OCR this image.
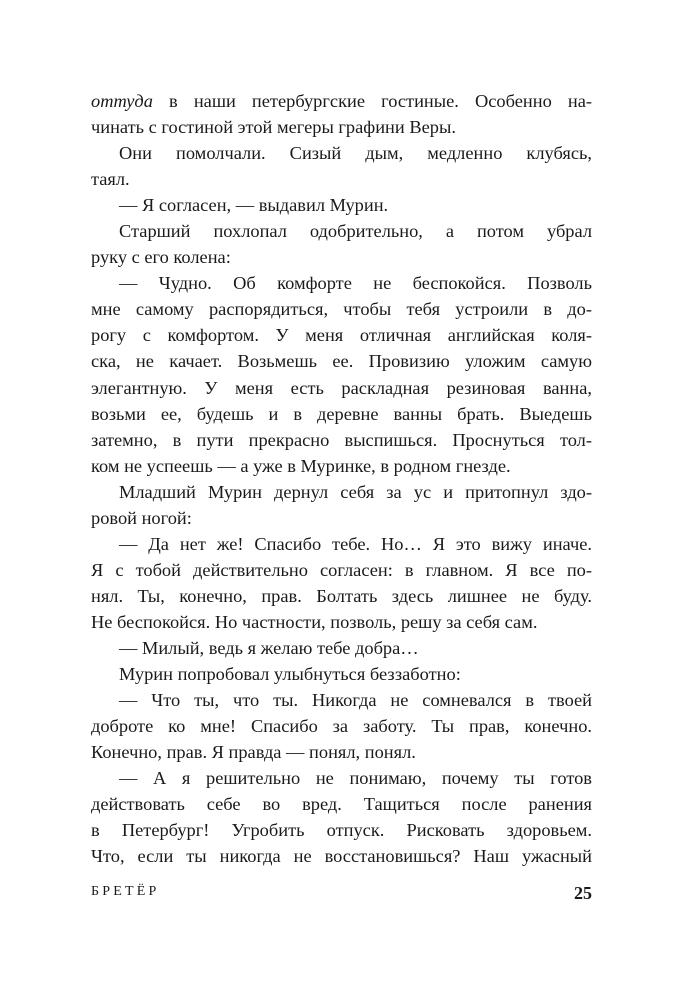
оттуда в наши петербургские гостиные. Особенно на-
чинать с гостиной этой мегеры графини Веры.
Они помолчали. Сизый дым, медленно клубясь,
таял.
— Я согласен, — выдавил Мурин.
Старший похлопал одобрительно, а потом убрал
руку с его колена:
— Чудно. Об комфорте не беспокойся. Позволь
мне самому распорядиться, чтобы тебя устроили в до-
рогу с комфортом. У меня отличная английская коля-
ска, не качает. Возьмешь ее. Провизию уложим самую
элегантную. У меня есть раскладная резиновая ванна,
возьми ее, будешь и в деревне ванны брать. Выедешь
затемно, в пути прекрасно выспишься. Проснуться тол-
ком не успеешь — а уже в Муринке, в родном гнезде.
Младший Мурин дернул себя за ус и притопнул здо-
ровой ногой:
— Да нет же! Спасибо тебе. Но… Я это вижу иначе.
Я с тобой действительно согласен: в главном. Я все по-
нял. Ты, конечно, прав. Болтать здесь лишнее не буду.
Не беспокойся. Но частности, позволь, решу за себя сам.
— Милый, ведь я желаю тебе добра…
Мурин попробовал улыбнуться беззаботно:
— Что ты, что ты. Никогда не сомневался в твоей
доброте ко мне! Спасибо за заботу. Ты прав, конечно.
Конечно, прав. Я правда — понял, понял.
— А я решительно не понимаю, почему ты готов
действовать себе во вред. Тащиться после ранения
в Петербург! Угробить отпуск. Рисковать здоровьем.
Что, если ты никогда не восстановишься? Наш ужасный
БРЕТЁР	25
